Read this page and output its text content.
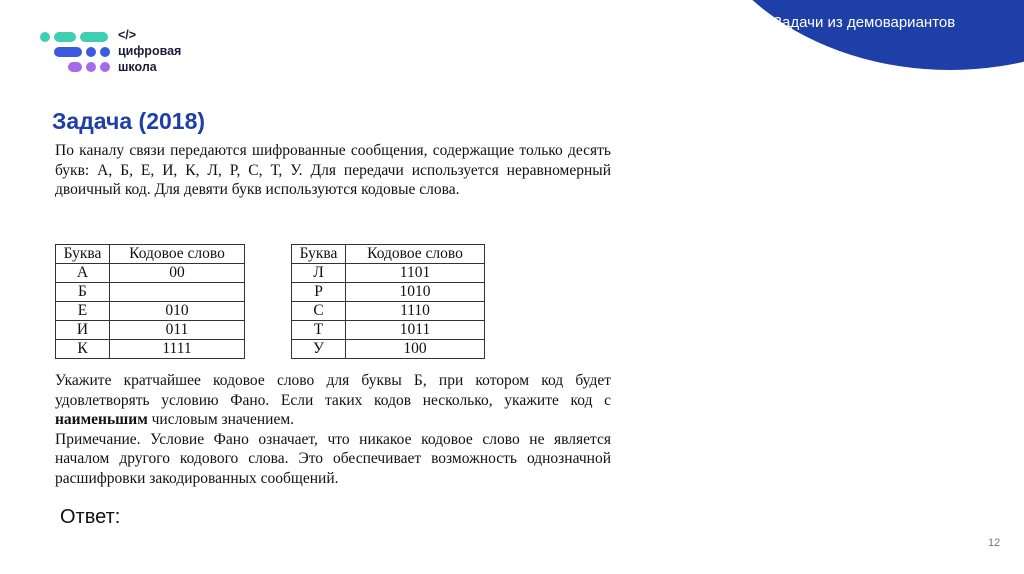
Задачи из демовариантов
</>
цифровая
школа
Задача (2018)

По каналу связи передаются шифрованные сообщения, содержащие только десять букв: А, Б, Е, И, К, Л, Р, С, Т, У. Для передачи используется неравномерный двоичный код. Для девяти букв используются кодовые слова.

Буква	Кодовое слово
А	00
Б	
Е	010
И	011
К	1111
Буква	Кодовое слово
Л	1101
Р	1010
С	1110
Т	1011
У	100

Укажите кратчайшее кодовое слово для буквы Б, при котором код будет удовлетворять условию Фано. Если таких кодов несколько, укажите код с наименьшим числовым значением.

Примечание. Условие Фано означает, что никакое кодовое слово не является началом другого кодового слова. Это обеспечивает возможность однозначной расшифровки закодированных сообщений.

Ответ:
12
